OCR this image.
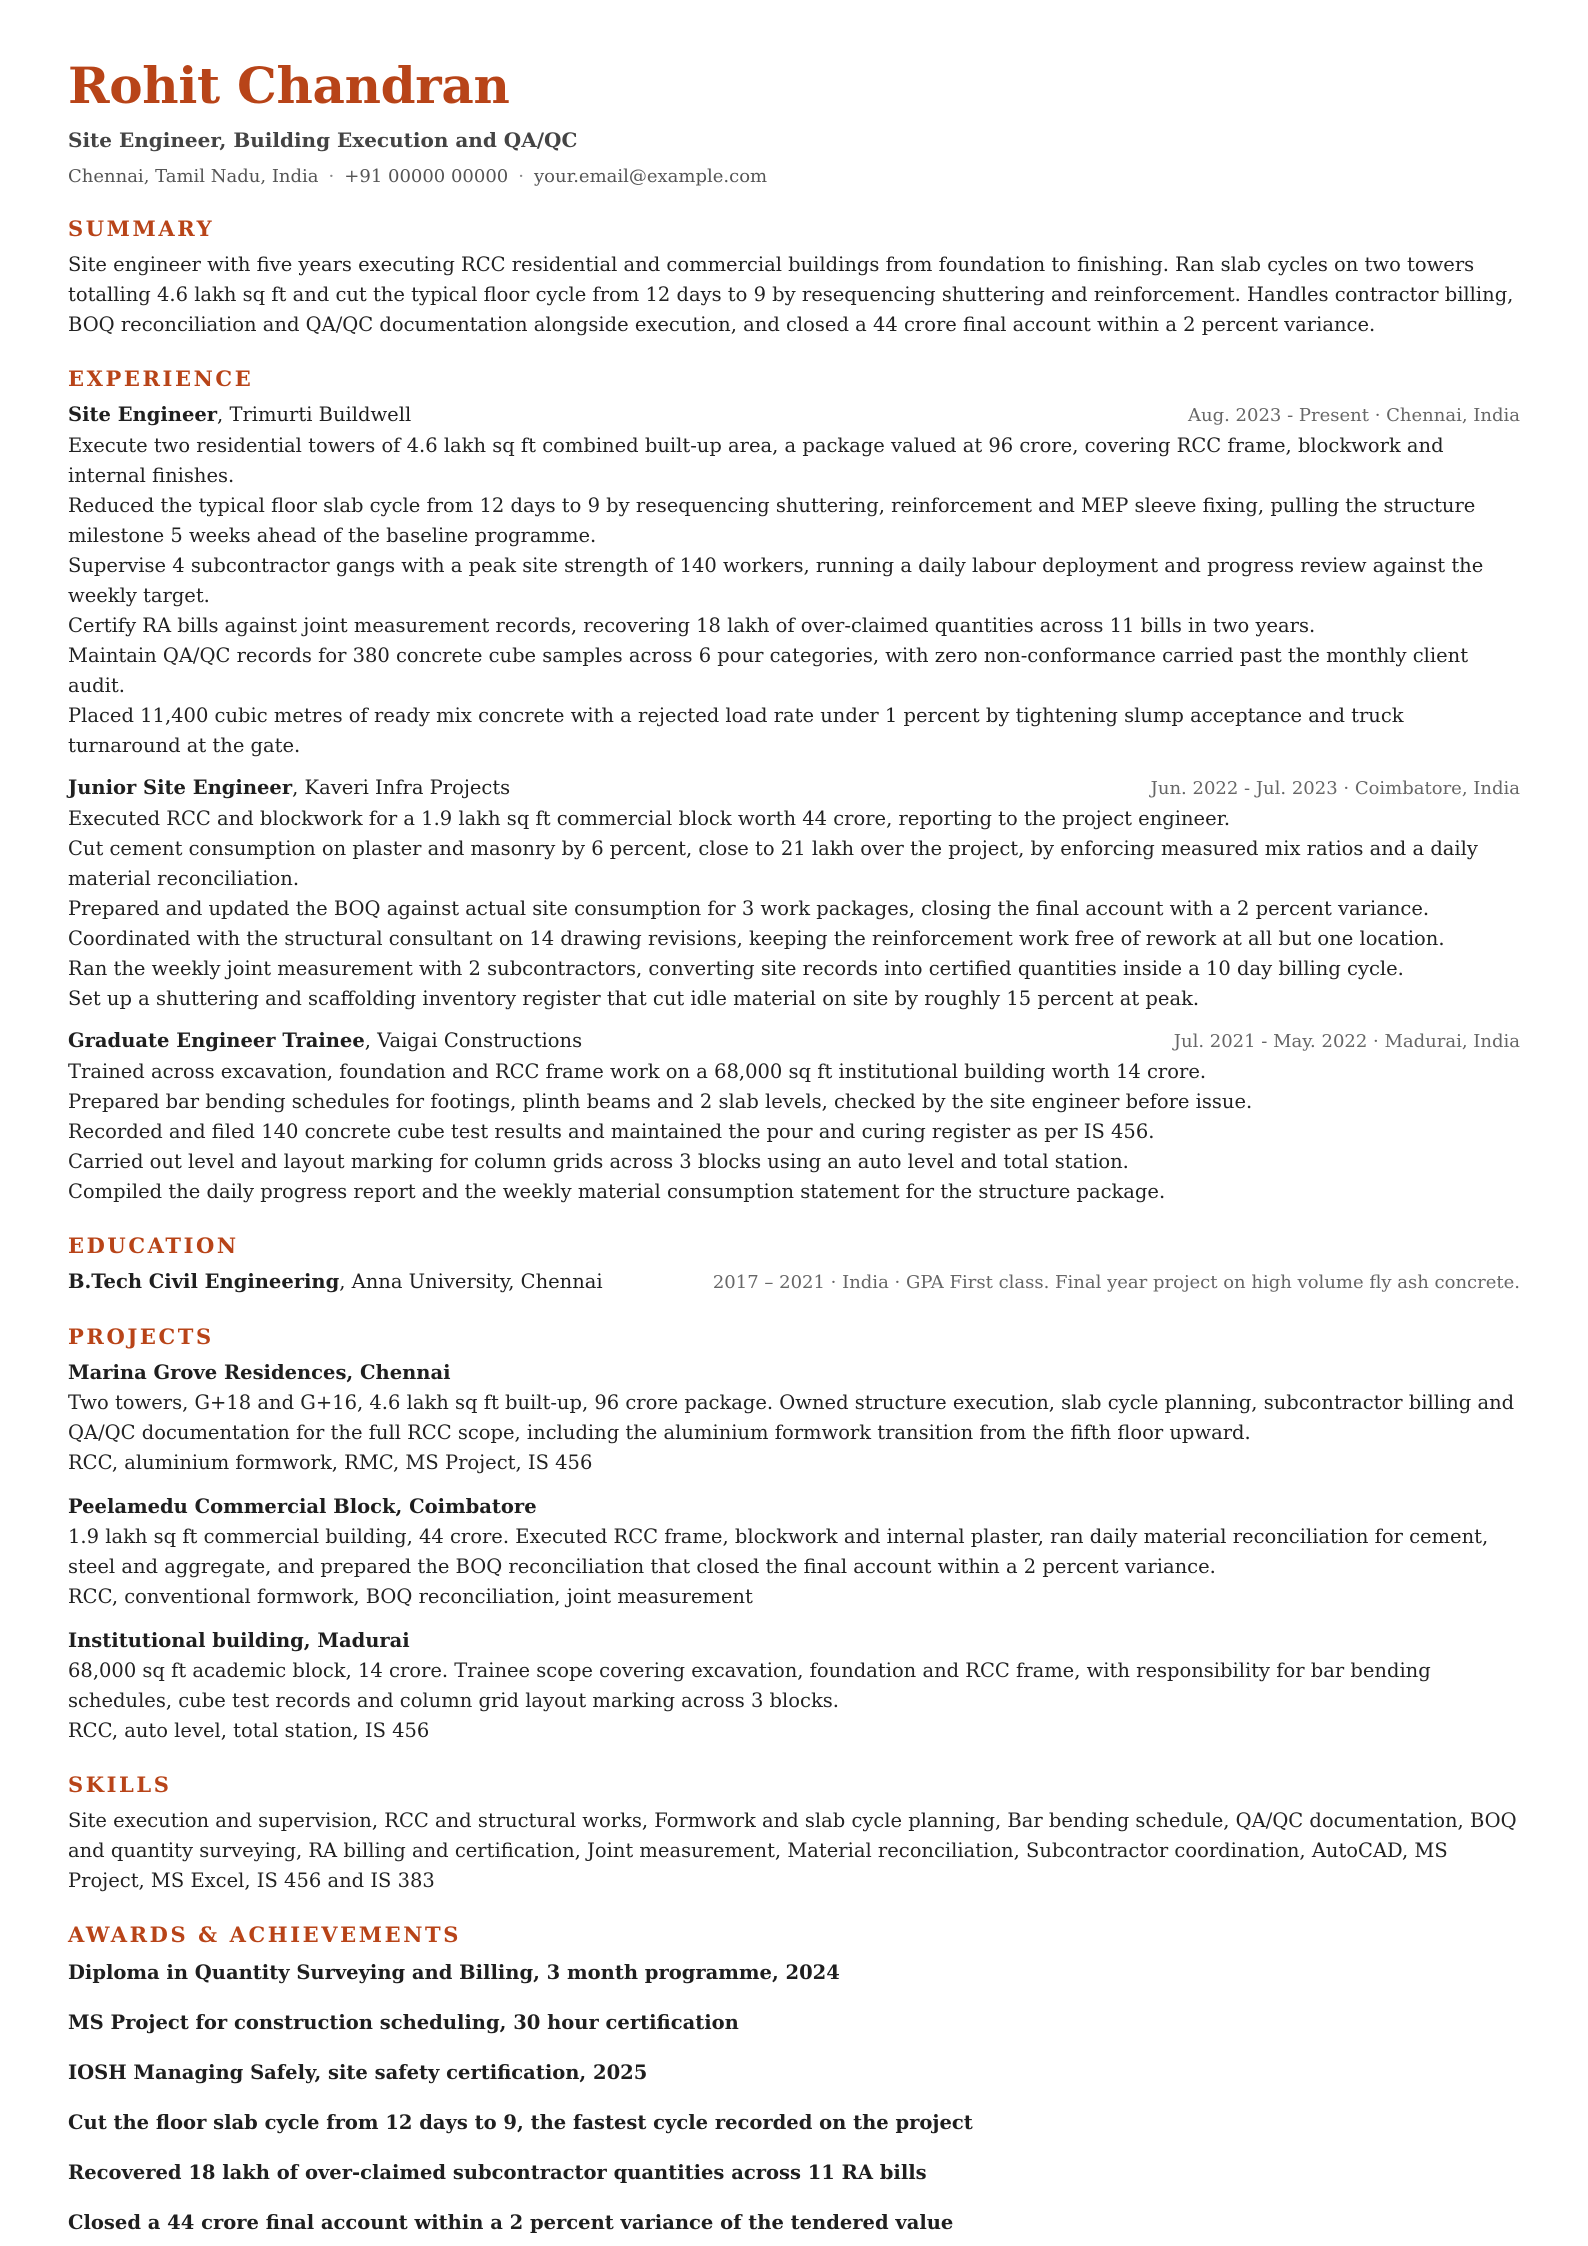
Rohit Chandran
Site Engineer, Building Execution and QA/QC
Chennai, Tamil Nadu, India · +91 00000 00000 · your.email@example.com
SUMMARY
Site engineer with five years executing RCC residential and commercial buildings from foundation to finishing. Ran slab cycles on two towers totalling 4.6 lakh sq ft and cut the typical floor cycle from 12 days to 9 by resequencing shuttering and reinforcement. Handles contractor billing, BOQ reconciliation and QA/QC documentation alongside execution, and closed a 44 crore final account within a 2 percent variance.
EXPERIENCE
Site Engineer, Trimurti Buildwell	Aug. 2023 - Present · Chennai, India
Execute two residential towers of 4.6 lakh sq ft combined built-up area, a package valued at 96 crore, covering RCC frame, blockwork and internal finishes.
Reduced the typical floor slab cycle from 12 days to 9 by resequencing shuttering, reinforcement and MEP sleeve fixing, pulling the structure milestone 5 weeks ahead of the baseline programme.
Supervise 4 subcontractor gangs with a peak site strength of 140 workers, running a daily labour deployment and progress review against the weekly target.
Certify RA bills against joint measurement records, recovering 18 lakh of over-claimed quantities across 11 bills in two years.
Maintain QA/QC records for 380 concrete cube samples across 6 pour categories, with zero non-conformance carried past the monthly client audit.
Placed 11,400 cubic metres of ready mix concrete with a rejected load rate under 1 percent by tightening slump acceptance and truck turnaround at the gate.
Junior Site Engineer, Kaveri Infra Projects	Jun. 2022 - Jul. 2023 · Coimbatore, India
Executed RCC and blockwork for a 1.9 lakh sq ft commercial block worth 44 crore, reporting to the project engineer.
Cut cement consumption on plaster and masonry by 6 percent, close to 21 lakh over the project, by enforcing measured mix ratios and a daily material reconciliation.
Prepared and updated the BOQ against actual site consumption for 3 work packages, closing the final account with a 2 percent variance.
Coordinated with the structural consultant on 14 drawing revisions, keeping the reinforcement work free of rework at all but one location.
Ran the weekly joint measurement with 2 subcontractors, converting site records into certified quantities inside a 10 day billing cycle.
Set up a shuttering and scaffolding inventory register that cut idle material on site by roughly 15 percent at peak.
Graduate Engineer Trainee, Vaigai Constructions	Jul. 2021 - May. 2022 · Madurai, India
Trained across excavation, foundation and RCC frame work on a 68,000 sq ft institutional building worth 14 crore.
Prepared bar bending schedules for footings, plinth beams and 2 slab levels, checked by the site engineer before issue.
Recorded and filed 140 concrete cube test results and maintained the pour and curing register as per IS 456.
Carried out level and layout marking for column grids across 3 blocks using an auto level and total station.
Compiled the daily progress report and the weekly material consumption statement for the structure package.
EDUCATION
B.Tech Civil Engineering, Anna University, Chennai	2017 – 2021 · India · GPA First class. Final year project on high volume fly ash concrete.
PROJECTS
Marina Grove Residences, Chennai
Two towers, G+18 and G+16, 4.6 lakh sq ft built-up, 96 crore package. Owned structure execution, slab cycle planning, subcontractor billing and QA/QC documentation for the full RCC scope, including the aluminium formwork transition from the fifth floor upward.
RCC, aluminium formwork, RMC, MS Project, IS 456
Peelamedu Commercial Block, Coimbatore
1.9 lakh sq ft commercial building, 44 crore. Executed RCC frame, blockwork and internal plaster, ran daily material reconciliation for cement, steel and aggregate, and prepared the BOQ reconciliation that closed the final account within a 2 percent variance.
RCC, conventional formwork, BOQ reconciliation, joint measurement
Institutional building, Madurai
68,000 sq ft academic block, 14 crore. Trainee scope covering excavation, foundation and RCC frame, with responsibility for bar bending schedules, cube test records and column grid layout marking across 3 blocks.
RCC, auto level, total station, IS 456
SKILLS
Site execution and supervision, RCC and structural works, Formwork and slab cycle planning, Bar bending schedule, QA/QC documentation, BOQ and quantity surveying, RA billing and certification, Joint measurement, Material reconciliation, Subcontractor coordination, AutoCAD, MS Project, MS Excel, IS 456 and IS 383
AWARDS & ACHIEVEMENTS
Diploma in Quantity Surveying and Billing, 3 month programme, 2024
MS Project for construction scheduling, 30 hour certification
IOSH Managing Safely, site safety certification, 2025
Cut the floor slab cycle from 12 days to 9, the fastest cycle recorded on the project
Recovered 18 lakh of over-claimed subcontractor quantities across 11 RA bills
Closed a 44 crore final account within a 2 percent variance of the tendered value
